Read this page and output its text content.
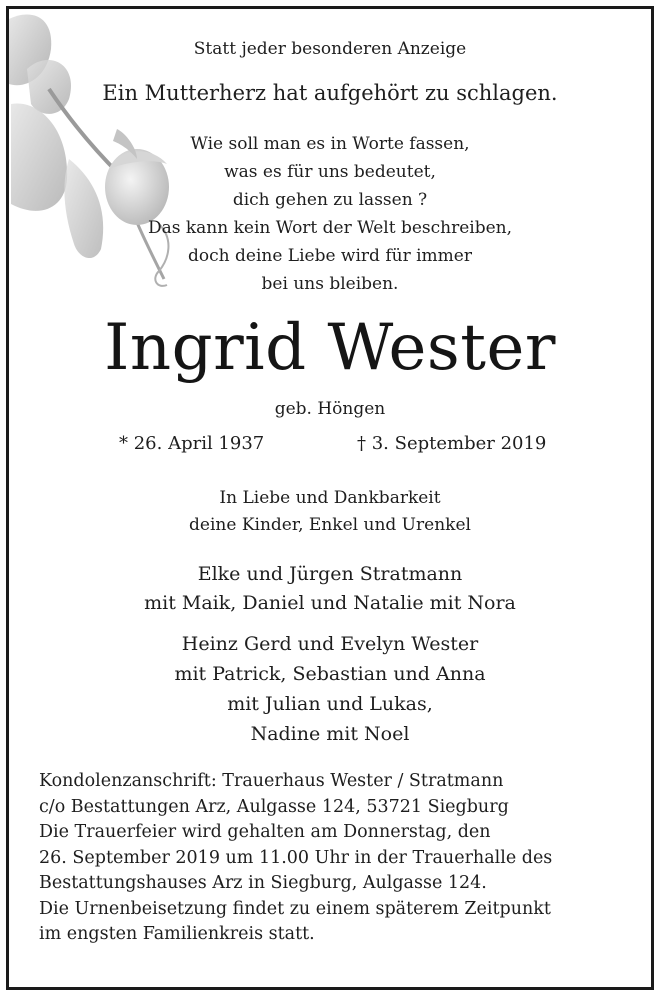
Statt jeder besonderen Anzeige
Ein Mutterherz hat aufgehört zu schlagen.
Wie soll man es in Worte fassen,
was es für uns bedeutet,
dich gehen zu lassen ?
Das kann kein Wort der Welt beschreiben,
doch deine Liebe wird für immer
bei uns bleiben.
Ingrid Wester
geb. Höngen
* 26. April 1937	† 3. September 2019
In Liebe und Dankbarkeit
deine Kinder, Enkel und Urenkel
Elke und Jürgen Stratmann
mit Maik, Daniel und Natalie mit Nora
Heinz Gerd und Evelyn Wester
mit Patrick, Sebastian und Anna
mit Julian und Lukas,
Nadine mit Noel
Kondolenzanschrift: Trauerhaus Wester / Stratmann
c/o Bestattungen Arz, Aulgasse 124, 53721 Siegburg
Die Trauerfeier wird gehalten am Donnerstag, den
26. September 2019 um 11.00 Uhr in der Trauerhalle des
Bestattungshauses Arz in Siegburg, Aulgasse 124.
Die Urnenbeisetzung findet zu einem späterem Zeitpunkt
im engsten Familienkreis statt.
